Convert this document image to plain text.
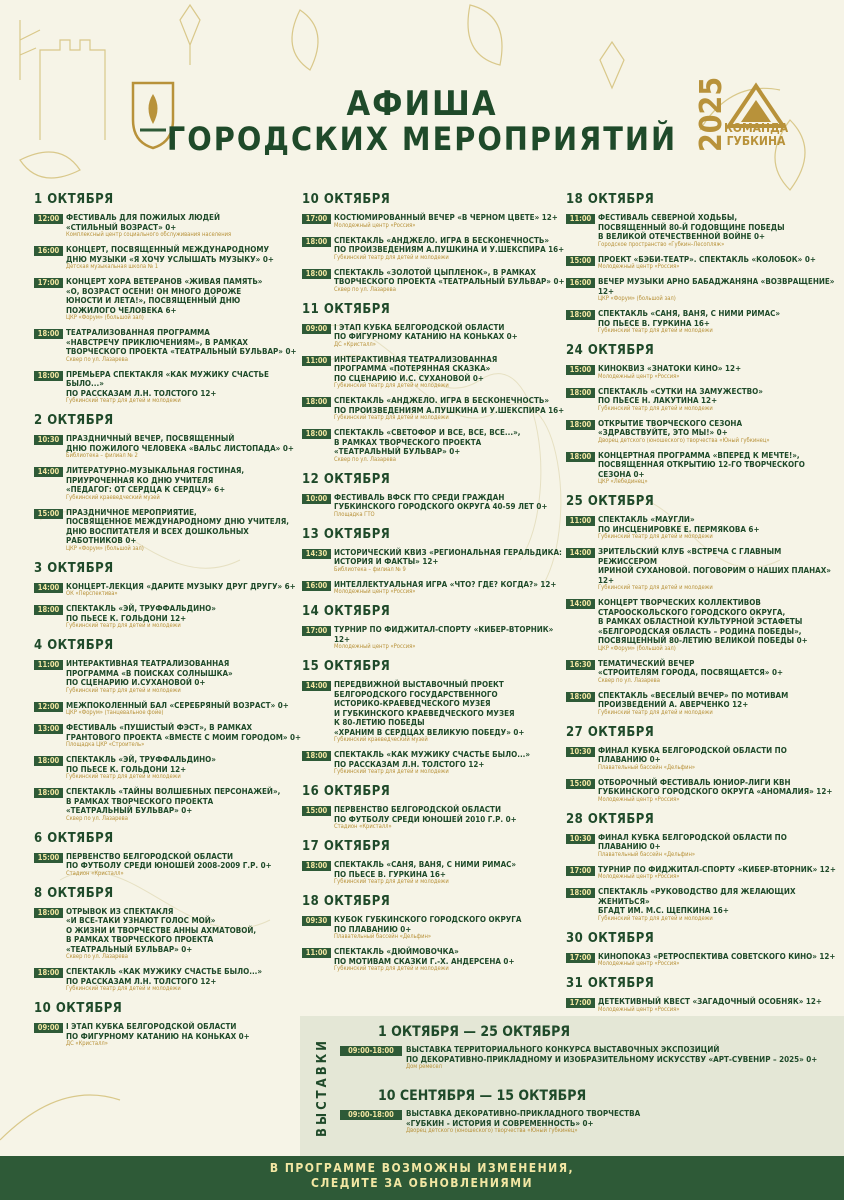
АФИША
ГОРОДСКИХ МЕРОПРИЯТИЙ 2025
КОМАНДА
ГУБКИНА
1 ОКТЯБРЯ
12:00 ФЕСТИВАЛЬ ДЛЯ ПОЖИЛЫХ ЛЮДЕЙ
«СТИЛЬНЫЙ ВОЗРАСТ» 0+
Комплексный центр социального обслуживания населения
16:00 КОНЦЕРТ, ПОСВЯЩЕННЫЙ МЕЖДУНАРОДНОМУ
ДНЮ МУЗЫКИ «Я ХОЧУ УСЛЫШАТЬ МУЗЫКУ» 0+
Детская музыкальная школа № 1
17:00 КОНЦЕРТ ХОРА ВЕТЕРАНОВ «ЖИВАЯ ПАМЯТЬ»
«О, ВОЗРАСТ ОСЕНИ! ОН МНОГО ДОРОЖЕ
ЮНОСТИ И ЛЕТА!», ПОСВЯЩЕННЫЙ ДНЮ
ПОЖИЛОГО ЧЕЛОВЕКА 6+
ЦКР «Форум» (большой зал)
18:00 ТЕАТРАЛИЗОВАННАЯ ПРОГРАММА
«НАВСТРЕЧУ ПРИКЛЮЧЕНИЯМ», В РАМКАХ
ТВОРЧЕСКОГО ПРОЕКТА «ТЕАТРАЛЬНЫЙ БУЛЬВАР» 0+
Сквер по ул. Лазарева
18:00 ПРЕМЬЕРА СПЕКТАКЛЯ «КАК МУЖИКУ СЧАСТЬЕ БЫЛО...»
ПО РАССКАЗАМ Л.Н. ТОЛСТОГО 12+
Губкинский театр для детей и молодежи
2 ОКТЯБРЯ
10:30 ПРАЗДНИЧНЫЙ ВЕЧЕР, ПОСВЯЩЕННЫЙ
ДНЮ ПОЖИЛОГО ЧЕЛОВЕКА «ВАЛЬС ЛИСТОПАДА» 0+
Библиотека – филиал № 2
14:00 ЛИТЕРАТУРНО-МУЗЫКАЛЬНАЯ ГОСТИНАЯ,
ПРИУРОЧЕННАЯ КО ДНЮ УЧИТЕЛЯ
«ПЕДАГОГ: ОТ СЕРДЦА К СЕРДЦУ» 6+
Губкинский краеведческий музей
15:00 ПРАЗДНИЧНОЕ МЕРОПРИЯТИЕ,
ПОСВЯЩЕННОЕ МЕЖДУНАРОДНОМУ ДНЮ УЧИТЕЛЯ,
ДНЮ ВОСПИТАТЕЛЯ И ВСЕХ ДОШКОЛЬНЫХ
РАБОТНИКОВ 0+
ЦКР «Форум» (большой зал)
3 ОКТЯБРЯ
14:00 КОНЦЕРТ-ЛЕКЦИЯ «ДАРИТЕ МУЗЫКУ ДРУГ ДРУГУ» 6+
ОК «Перспектива»
18:00 СПЕКТАКЛЬ «ЭЙ, ТРУФФАЛЬДИНО»
ПО ПЬЕСЕ К. ГОЛЬДОНИ 12+
Губкинский театр для детей и молодежи
4 ОКТЯБРЯ
11:00 ИНТЕРАКТИВНАЯ ТЕАТРАЛИЗОВАННАЯ
ПРОГРАММА «В ПОИСКАХ СОЛНЫШКА»
ПО СЦЕНАРИЮ И.СУХАНОВОЙ 0+
Губкинский театр для детей и молодежи
12:00 МЕЖПОКОЛЕННЫЙ БАЛ «СЕРЕБРЯНЫЙ ВОЗРАСТ» 0+
ЦКР «Форум» (танцевальное фойе)
13:00 ФЕСТИВАЛЬ «ПУШИСТЫЙ ФЭСТ», В РАМКАХ
ГРАНТОВОГО ПРОЕКТА «ВМЕСТЕ С МОИМ ГОРОДОМ» 0+
Площадка ЦКР «Строитель»
18:00 СПЕКТАКЛЬ «ЭЙ, ТРУФФАЛЬДИНО»
ПО ПЬЕСЕ К. ГОЛЬДОНИ 12+
Губкинский театр для детей и молодежи
18:00 СПЕКТАКЛЬ «ТАЙНЫ ВОЛШЕБНЫХ ПЕРСОНАЖЕЙ»,
В РАМКАХ ТВОРЧЕСКОГО ПРОЕКТА
«ТЕАТРАЛЬНЫЙ БУЛЬВАР» 0+
Сквер по ул. Лазарева
6 ОКТЯБРЯ
15:00 ПЕРВЕНСТВО БЕЛГОРОДСКОЙ ОБЛАСТИ
ПО ФУТБОЛУ СРЕДИ ЮНОШЕЙ 2008-2009 Г.Р. 0+
Стадион «Кристалл»
8 ОКТЯБРЯ
18:00 ОТРЫВОК ИЗ СПЕКТАКЛЯ
«И ВСЕ-ТАКИ УЗНАЮТ ГОЛОС МОЙ»
О ЖИЗНИ И ТВОРЧЕСТВЕ АННЫ АХМАТОВОЙ,
В РАМКАХ ТВОРЧЕСКОГО ПРОЕКТА
«ТЕАТРАЛЬНЫЙ БУЛЬВАР» 0+
Сквер по ул. Лазарева
18:00 СПЕКТАКЛЬ «КАК МУЖИКУ СЧАСТЬЕ БЫЛО...»
ПО РАССКАЗАМ Л.Н. ТОЛСТОГО 12+
Губкинский театр для детей и молодежи
10 ОКТЯБРЯ
09:00 I ЭТАП КУБКА БЕЛГОРОДСКОЙ ОБЛАСТИ
ПО ФИГУРНОМУ КАТАНИЮ НА КОНЬКАХ 0+
ДС «Кристалл»
10 ОКТЯБРЯ
17:00 КОСТЮМИРОВАННЫЙ ВЕЧЕР «В ЧЕРНОМ ЦВЕТЕ» 12+
Молодежный центр «Россия»
18:00 СПЕКТАКЛЬ «АНДЖЕЛО. ИГРА В БЕСКОНЕЧНОСТЬ»
ПО ПРОИЗВЕДЕНИЯМ А.ПУШКИНА И У.ШЕКСПИРА 16+
Губкинский театр для детей и молодежи
18:00 СПЕКТАКЛЬ «ЗОЛОТОЙ ЦЫПЛЕНОК», В РАМКАХ
ТВОРЧЕСКОГО ПРОЕКТА «ТЕАТРАЛЬНЫЙ БУЛЬВАР» 0+
Сквер по ул. Лазарева
11 ОКТЯБРЯ
09:00 I ЭТАП КУБКА БЕЛГОРОДСКОЙ ОБЛАСТИ
ПО ФИГУРНОМУ КАТАНИЮ НА КОНЬКАХ 0+
ДС «Кристалл»
11:00 ИНТЕРАКТИВНАЯ ТЕАТРАЛИЗОВАННАЯ
ПРОГРАММА «ПОТЕРЯННАЯ СКАЗКА»
ПО СЦЕНАРИЮ И.С. СУХАНОВОЙ 0+
Губкинский театр для детей и молодежи
18:00 СПЕКТАКЛЬ «АНДЖЕЛО. ИГРА В БЕСКОНЕЧНОСТЬ»
ПО ПРОИЗВЕДЕНИЯМ А.ПУШКИНА И У.ШЕКСПИРА 16+
Губкинский театр для детей и молодежи
18:00 СПЕКТАКЛЬ «СВЕТОФОР И ВСЕ, ВСЕ, ВСЕ...»,
В РАМКАХ ТВОРЧЕСКОГО ПРОЕКТА
«ТЕАТРАЛЬНЫЙ БУЛЬВАР» 0+
Сквер по ул. Лазарева
12 ОКТЯБРЯ
10:00 ФЕСТИВАЛЬ ВФСК ГТО СРЕДИ ГРАЖДАН
ГУБКИНСКОГО ГОРОДСКОГО ОКРУГА 40-59 ЛЕТ 0+
Площадка ГТО
13 ОКТЯБРЯ
14:30 ИСТОРИЧЕСКИЙ КВИЗ «РЕГИОНАЛЬНАЯ ГЕРАЛЬДИКА:
ИСТОРИЯ И ФАКТЫ» 12+
Библиотека – филиал № 9
16:00 ИНТЕЛЛЕКТУАЛЬНАЯ ИГРА «ЧТО? ГДЕ? КОГДА?» 12+
Молодежный центр «Россия»
14 ОКТЯБРЯ
17:00 ТУРНИР ПО ФИДЖИТАЛ-СПОРТУ «КИБЕР-ВТОРНИК» 12+
Молодежный центр «Россия»
15 ОКТЯБРЯ
14:00 ПЕРЕДВИЖНОЙ ВЫСТАВОЧНЫЙ ПРОЕКТ
БЕЛГОРОДСКОГО ГОСУДАРСТВЕННОГО
ИСТОРИКО-КРАЕВЕДЧЕСКОГО МУЗЕЯ
И ГУБКИНСКОГО КРАЕВЕДЧЕСКОГО МУЗЕЯ
К 80-ЛЕТИЮ ПОБЕДЫ
«ХРАНИМ В СЕРДЦАХ ВЕЛИКУЮ ПОБЕДУ» 0+
Губкинский краеведческий музей
18:00 СПЕКТАКЛЬ «КАК МУЖИКУ СЧАСТЬЕ БЫЛО...»
ПО РАССКАЗАМ Л.Н. ТОЛСТОГО 12+
Губкинский театр для детей и молодежи
16 ОКТЯБРЯ
15:00 ПЕРВЕНСТВО БЕЛГОРОДСКОЙ ОБЛАСТИ
ПО ФУТБОЛУ СРЕДИ ЮНОШЕЙ 2010 Г.Р. 0+
Стадион «Кристалл»
17 ОКТЯБРЯ
18:00 СПЕКТАКЛЬ «САНЯ, ВАНЯ, С НИМИ РИМАС»
ПО ПЬЕСЕ В. ГУРКИНА 16+
Губкинский театр для детей и молодежи
18 ОКТЯБРЯ
09:30 КУБОК ГУБКИНСКОГО ГОРОДСКОГО ОКРУГА
ПО ПЛАВАНИЮ 0+
Плавательный бассейн «Дельфин»
11:00 СПЕКТАКЛЬ «ДЮЙМОВОЧКА»
ПО МОТИВАМ СКАЗКИ Г.-Х. АНДЕРСЕНА 0+
Губкинский театр для детей и молодежи
18 ОКТЯБРЯ
11:00 ФЕСТИВАЛЬ СЕВЕРНОЙ ХОДЬБЫ,
ПОСВЯЩЕННЫЙ 80-Й ГОДОВЩИНЕ ПОБЕДЫ
В ВЕЛИКОЙ ОТЕЧЕСТВЕННОЙ ВОЙНЕ 0+
Городское пространство «Губкин–Лесопляж»
15:00 ПРОЕКТ «БЭБИ-ТЕАТР». СПЕКТАКЛЬ «КОЛОБОК» 0+
Молодежный центр «Россия»
16:00 ВЕЧЕР МУЗЫКИ АРНО БАБАДЖАНЯНА «ВОЗВРАЩЕНИЕ» 12+
ЦКР «Форум» (большой зал)
18:00 СПЕКТАКЛЬ «САНЯ, ВАНЯ, С НИМИ РИМАС»
ПО ПЬЕСЕ В. ГУРКИНА 16+
Губкинский театр для детей и молодежи
24 ОКТЯБРЯ
15:00 КИНОКВИЗ «ЗНАТОКИ КИНО» 12+
Молодежный центр «Россия»
18:00 СПЕКТАКЛЬ «СУТКИ НА ЗАМУЖЕСТВО»
ПО ПЬЕСЕ Н. ЛАКУТИНА 12+
Губкинский театр для детей и молодежи
18:00 ОТКРЫТИЕ ТВОРЧЕСКОГО СЕЗОНА
«ЗДРАВСТВУЙТЕ, ЭТО МЫ!» 0+
Дворец детского (юношеского) творчества «Юный губкинец»
18:00 КОНЦЕРТНАЯ ПРОГРАММА «ВПЕРЕД К МЕЧТЕ!»,
ПОСВЯЩЕННАЯ ОТКРЫТИЮ 12-ГО ТВОРЧЕСКОГО СЕЗОНА 0+
ЦКР «Лебединец»
25 ОКТЯБРЯ
11:00 СПЕКТАКЛЬ «МАУГЛИ»
ПО ИНСЦЕНИРОВКЕ Е. ПЕРМЯКОВА 6+
Губкинский театр для детей и молодежи
14:00 ЗРИТЕЛЬСКИЙ КЛУБ «ВСТРЕЧА С ГЛАВНЫМ РЕЖИССЕРОМ
ИРИНОЙ СУХАНОВОЙ. ПОГОВОРИМ О НАШИХ ПЛАНАХ» 12+
Губкинский театр для детей и молодежи
14:00 КОНЦЕРТ ТВОРЧЕСКИХ КОЛЛЕКТИВОВ
СТАРООСКОЛЬСКОГО ГОРОДСКОГО ОКРУГА,
В РАМКАХ ОБЛАСТНОЙ КУЛЬТУРНОЙ ЭСТАФЕТЫ
«БЕЛГОРОДСКАЯ ОБЛАСТЬ – РОДИНА ПОБЕДЫ»,
ПОСВЯЩЕННЫЙ 80-ЛЕТИЮ ВЕЛИКОЙ ПОБЕДЫ 0+
ЦКР «Форум» (большой зал)
16:30 ТЕМАТИЧЕСКИЙ ВЕЧЕР
«СТРОИТЕЛЯМ ГОРОДА, ПОСВЯЩАЕТСЯ» 0+
Сквер по ул. Лазарева
18:00 СПЕКТАКЛЬ «ВЕСЕЛЫЙ ВЕЧЕР» ПО МОТИВАМ
ПРОИЗВЕДЕНИЙ А. АВЕРЧЕНКО 12+
Губкинский театр для детей и молодежи
27 ОКТЯБРЯ
10:30 ФИНАЛ КУБКА БЕЛГОРОДСКОЙ ОБЛАСТИ ПО ПЛАВАНИЮ 0+
Плавательный бассейн «Дельфин»
15:00 ОТБОРОЧНЫЙ ФЕСТИВАЛЬ ЮНИОР-ЛИГИ КВН
ГУБКИНСКОГО ГОРОДСКОГО ОКРУГА «АНОМАЛИЯ» 12+
Молодежный центр «Россия»
28 ОКТЯБРЯ
10:30 ФИНАЛ КУБКА БЕЛГОРОДСКОЙ ОБЛАСТИ ПО ПЛАВАНИЮ 0+
Плавательный бассейн «Дельфин»
17:00 ТУРНИР ПО ФИДЖИТАЛ-СПОРТУ «КИБЕР-ВТОРНИК» 12+
Молодежный центр «Россия»
18:00 СПЕКТАКЛЬ «РУКОВОДСТВО ДЛЯ ЖЕЛАЮЩИХ ЖЕНИТЬСЯ»
БГАДТ ИМ. М.С. ЩЕПКИНА 16+
Губкинский театр для детей и молодежи
30 ОКТЯБРЯ
17:00 КИНОПОКАЗ «РЕТРОСПЕКТИВА СОВЕТСКОГО КИНО» 12+
Молодежный центр «Россия»
31 ОКТЯБРЯ
17:00 ДЕТЕКТИВНЫЙ КВЕСТ «ЗАГАДОЧНЫЙ ОСОБНЯК» 12+
Молодежный центр «Россия»
ВЫСТАВКИ
1 ОКТЯБРЯ — 25 ОКТЯБРЯ
09:00-18:00	ВЫСТАВКА ТЕРРИТОРИАЛЬНОГО КОНКУРСА ВЫСТАВОЧНЫХ ЭКСПОЗИЦИЙ
ПО ДЕКОРАТИВНО-ПРИКЛАДНОМУ И ИЗОБРАЗИТЕЛЬНОМУ ИСКУССТВУ «АРТ-СУВЕНИР – 2025» 0+
Дом ремесел
10 СЕНТЯБРЯ — 15 ОКТЯБРЯ
09:00-18:00	ВЫСТАВКА ДЕКОРАТИВНО-ПРИКЛАДНОГО ТВОРЧЕСТВА
«ГУБКИН - ИСТОРИЯ И СОВРЕМЕННОСТЬ» 0+
Дворец детского (юношеского) творчества «Юный губкинец»
В ПРОГРАММЕ ВОЗМОЖНЫ ИЗМЕНЕНИЯ,
СЛЕДИТЕ ЗА ОБНОВЛЕНИЯМИ
